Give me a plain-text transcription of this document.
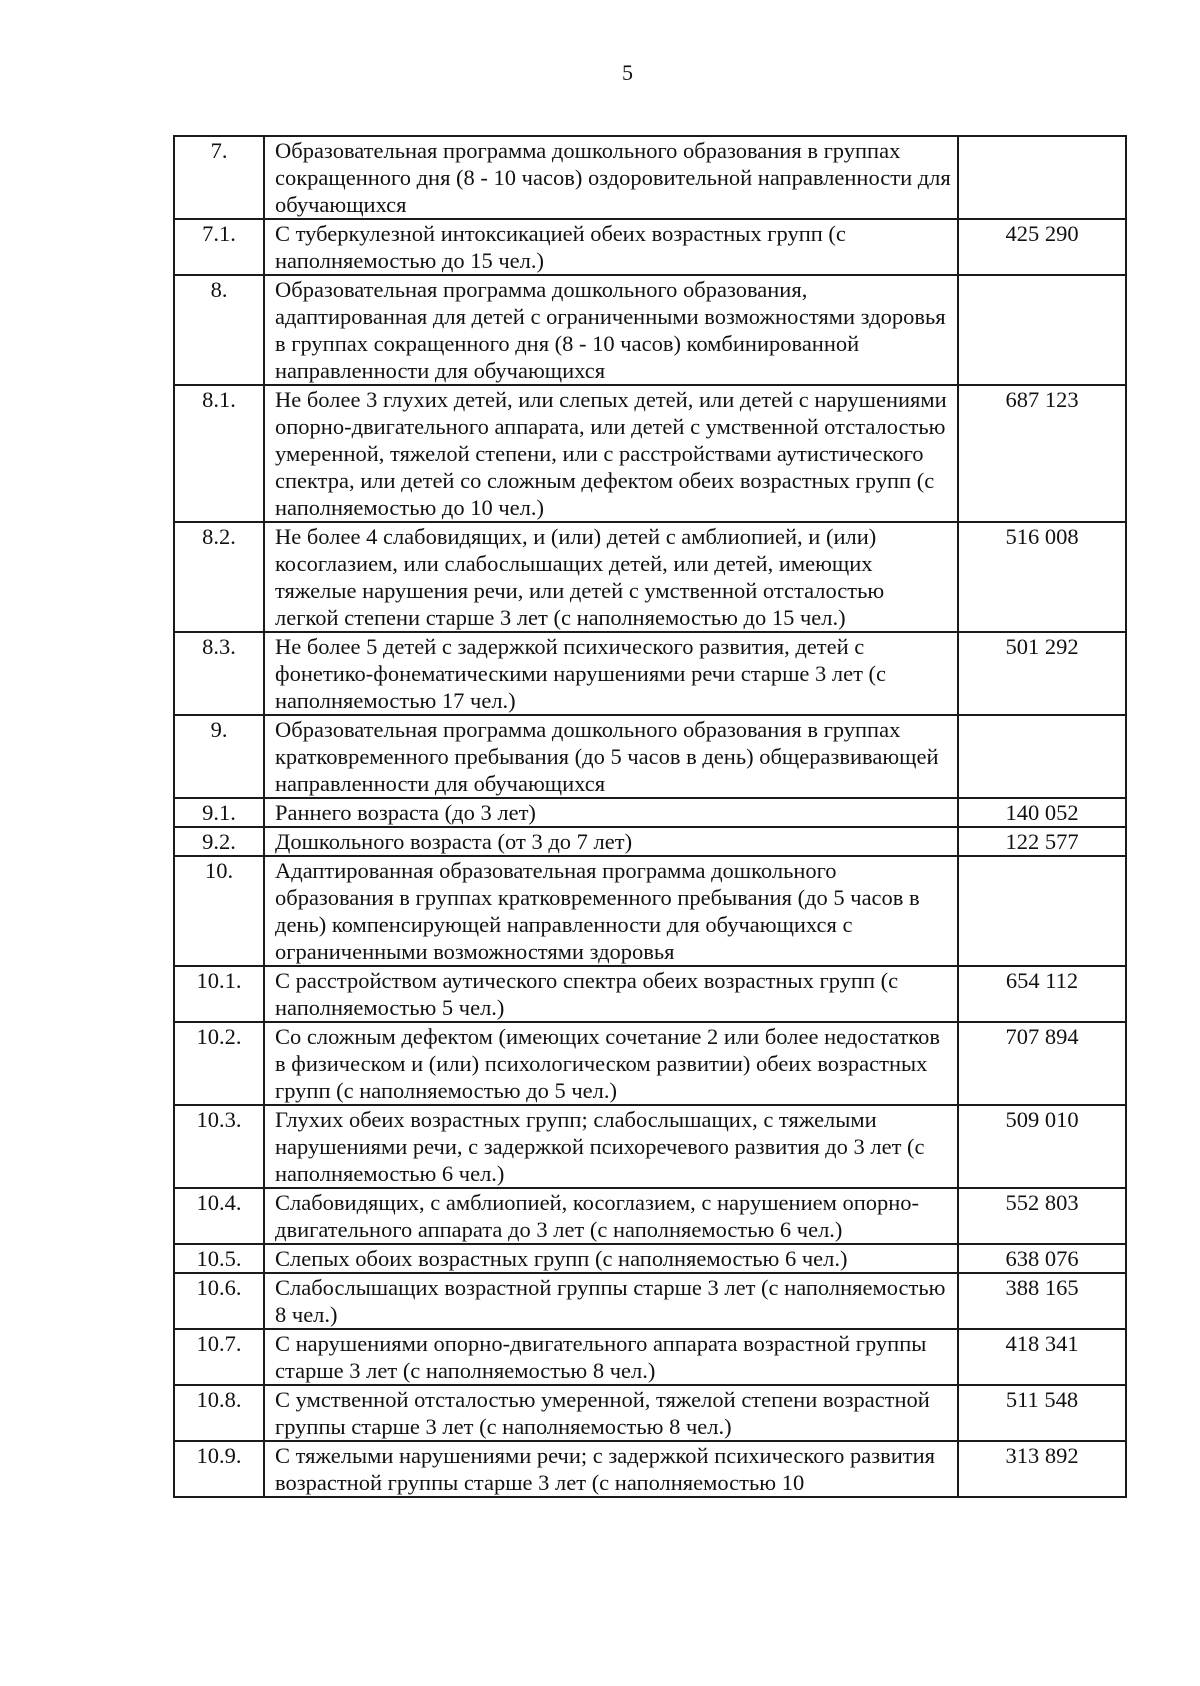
5
7.	Образовательная программа дошкольного образования в группах сокращенного дня (8 - 10 часов) оздоровительной направленности для обучающихся	
7.1.	С туберкулезной интоксикацией обеих возрастных групп (с наполняемостью до 15 чел.)	425 290
8.	Образовательная программа дошкольного образования, адаптированная для детей с ограниченными возможностями здоровья в группах сокращенного дня (8 - 10 часов) комбинированной направленности для обучающихся	
8.1.	Не более 3 глухих детей, или слепых детей, или детей с нарушениями опорно-двигательного аппарата, или детей с умственной отсталостью умеренной, тяжелой степени, или с расстройствами аутистического спектра, или детей со сложным дефектом обеих возрастных групп (с наполняемостью до 10 чел.)	687 123
8.2.	Не более 4 слабовидящих, и (или) детей с амблиопией, и (или) косоглазием, или слабослышащих детей, или детей, имеющих тяжелые нарушения речи, или детей с умственной отсталостью легкой степени старше 3 лет (с наполняемостью до 15 чел.)	516 008
8.3.	Не более 5 детей с задержкой психического развития, детей с фонетико-фонематическими нарушениями речи старше 3 лет (с наполняемостью 17 чел.)	501 292
9.	Образовательная программа дошкольного образования в группах кратковременного пребывания (до 5 часов в день) общеразвивающей направленности для обучающихся	
9.1.	Раннего возраста (до 3 лет)	140 052
9.2.	Дошкольного возраста (от 3 до 7 лет)	122 577
10.	Адаптированная образовательная программа дошкольного образования в группах кратковременного пребывания (до 5 часов в день) компенсирующей направленности для обучающихся с ограниченными возможностями здоровья	
10.1.	С расстройством аутического спектра обеих возрастных групп (с наполняемостью 5 чел.)	654 112
10.2.	Со сложным дефектом (имеющих сочетание 2 или более недостатков в физическом и (или) психологическом развитии) обеих возрастных групп (с наполняемостью до 5 чел.)	707 894
10.3.	Глухих обеих возрастных групп; слабослышащих, с тяжелыми нарушениями речи, с задержкой психоречевого развития до 3 лет (с наполняемостью 6 чел.)	509 010
10.4.	Слабовидящих, с амблиопией, косоглазием, с нарушением опорно-двигательного аппарата до 3 лет (с наполняемостью 6 чел.)	552 803
10.5.	Слепых обоих возрастных групп (с наполняемостью 6 чел.)	638 076
10.6.	Слабослышащих возрастной группы старше 3 лет (с наполняемостью 8 чел.)	388 165
10.7.	С нарушениями опорно-двигательного аппарата возрастной группы старше 3 лет (с наполняемостью 8 чел.)	418 341
10.8.	С умственной отсталостью умеренной, тяжелой степени возрастной группы старше 3 лет (с наполняемостью 8 чел.)	511 548
10.9.	С тяжелыми нарушениями речи; с задержкой психического развития возрастной группы старше 3 лет (с наполняемостью 10	313 892
